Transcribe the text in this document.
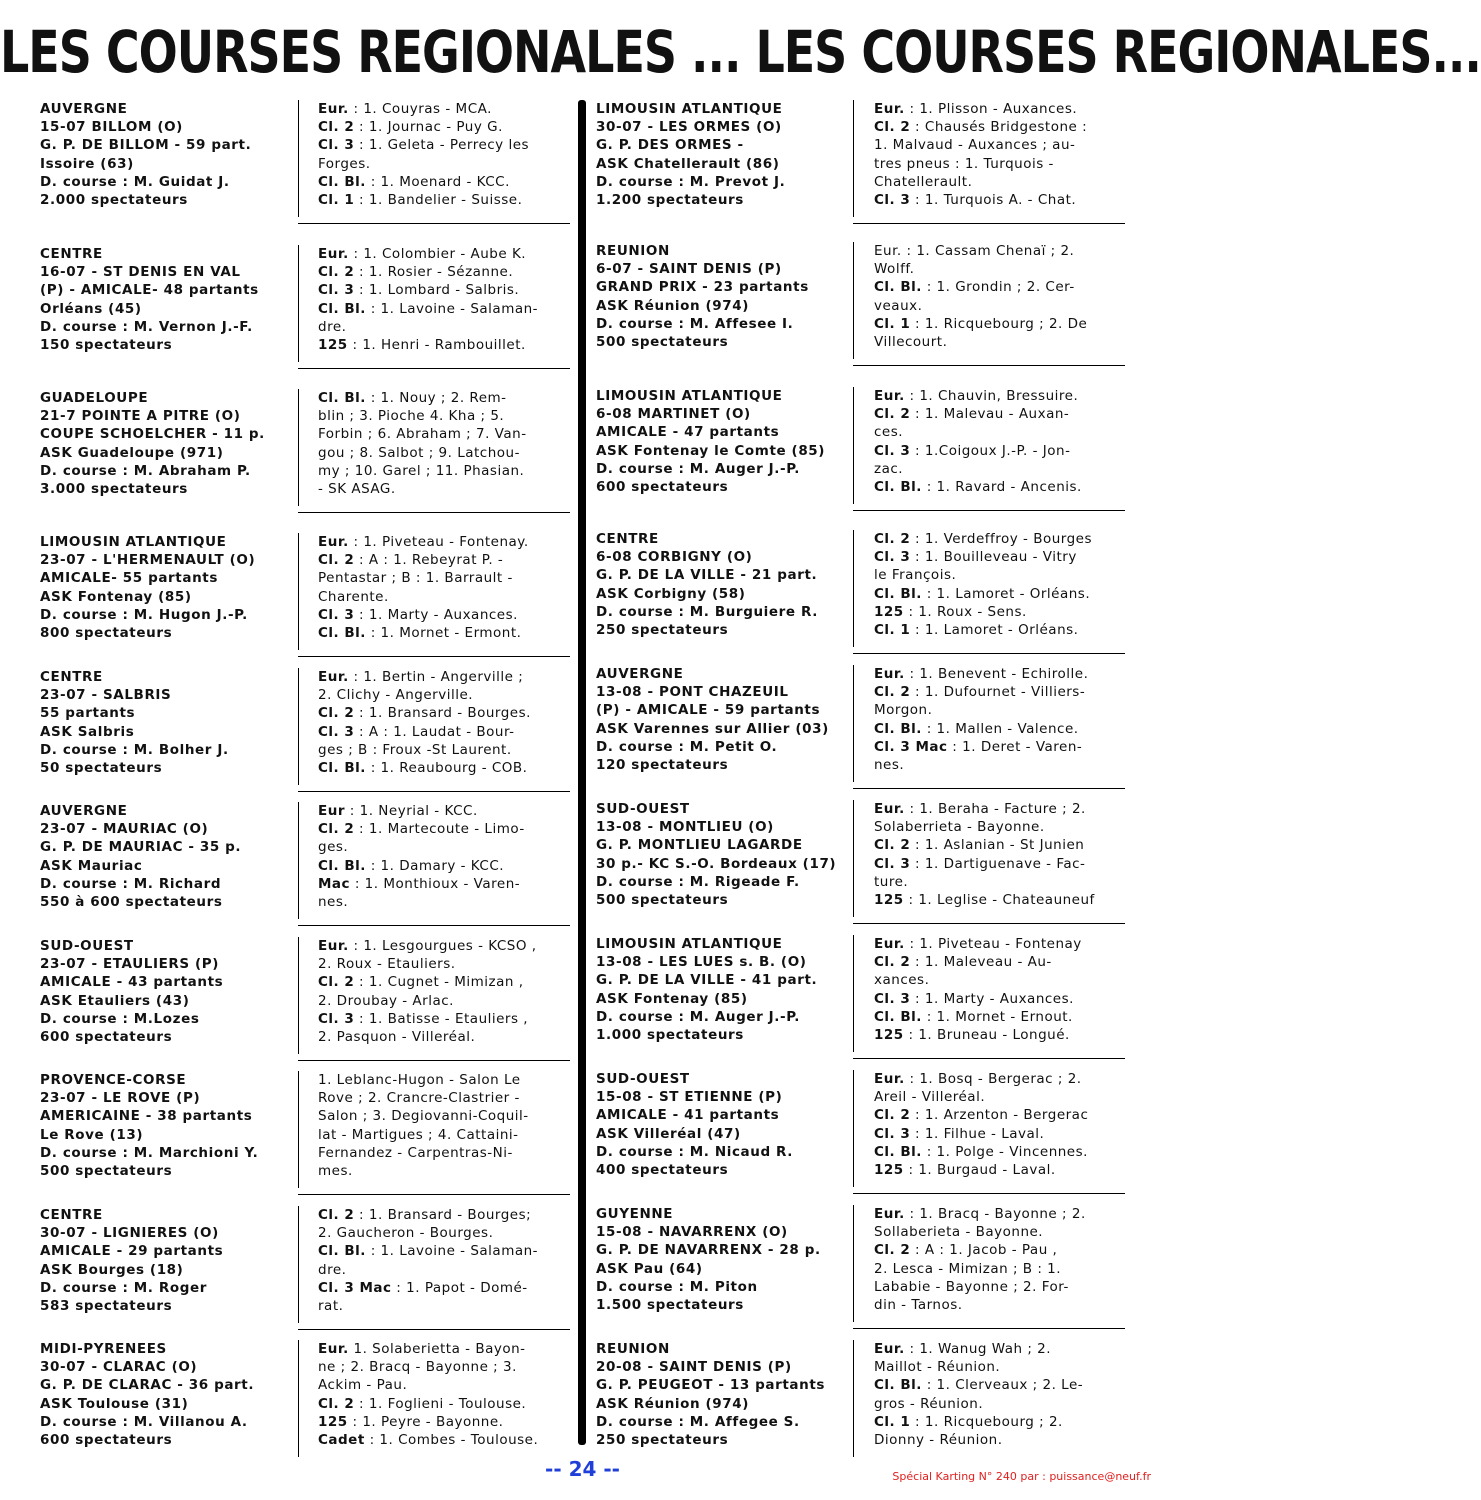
LES COURSES REGIONALES ... LES COURSES REGIONALES...
AUVERGNE
15-07 BILLOM (O)
G. P. DE BILLOM - 59 part.
Issoire (63)
D. course : M. Guidat J.
2.000 spectateurs
Eur. : 1. Couyras - MCA.
Cl. 2 : 1. Journac - Puy G.
Cl. 3 : 1. Geleta - Perrecy les
Forges.
Cl. Bl. : 1. Moenard - KCC.
Cl. 1 : 1. Bandelier - Suisse.
CENTRE
16-07 - ST DENIS EN VAL
(P) - AMICALE- 48 partants
Orléans (45)
D. course : M. Vernon J.-F.
150 spectateurs
Eur. : 1. Colombier - Aube K.
Cl. 2 : 1. Rosier - Sézanne.
Cl. 3 : 1. Lombard - Salbris.
Cl. Bl. : 1. Lavoine - Salaman-
dre.
125 : 1. Henri - Rambouillet.
GUADELOUPE
21-7 POINTE A PITRE (O)
COUPE SCHOELCHER - 11 p.
ASK Guadeloupe (971)
D. course : M. Abraham P.
3.000 spectateurs
Cl. Bl. : 1. Nouy ; 2. Rem-
blin ; 3. Pioche 4. Kha ; 5.
Forbin ; 6. Abraham ; 7. Van-
gou ; 8. Salbot ; 9. Latchou-
my ; 10. Garel ; 11. Phasian.
- SK ASAG.
LIMOUSIN ATLANTIQUE
23-07 - L'HERMENAULT (O)
AMICALE- 55 partants
ASK Fontenay (85)
D. course : M. Hugon J.-P.
800 spectateurs
Eur. : 1. Piveteau - Fontenay.
Cl. 2 : A : 1. Rebeyrat P. -
Pentastar ; B : 1. Barrault -
Charente.
Cl. 3 : 1. Marty - Auxances.
Cl. Bl. : 1. Mornet - Ermont.
CENTRE
23-07 - SALBRIS
55 partants
ASK Salbris
D. course : M. Bolher J.
50 spectateurs
Eur. : 1. Bertin - Angerville ;
2. Clichy - Angerville.
Cl. 2 : 1. Bransard - Bourges.
Cl. 3 : A : 1. Laudat - Bour-
ges ; B : Froux -St Laurent.
Cl. Bl. : 1. Reaubourg - COB.
AUVERGNE
23-07 - MAURIAC (O)
G. P. DE MAURIAC - 35 p.
ASK Mauriac
D. course : M. Richard
550 à 600 spectateurs
Eur : 1. Neyrial - KCC.
Cl. 2 : 1. Martecoute - Limo-
ges.
Cl. Bl. : 1. Damary - KCC.
Mac : 1. Monthioux - Varen-
nes.
SUD-OUEST
23-07 - ETAULIERS (P)
AMICALE - 43 partants
ASK Etauliers (43)
D. course : M.Lozes
600 spectateurs
Eur. : 1. Lesgourgues - KCSO ,
2. Roux - Etauliers.
Cl. 2 : 1. Cugnet - Mimizan ,
2. Droubay - Arlac.
Cl. 3 : 1. Batisse - Etauliers ,
2. Pasquon - Villeréal.
PROVENCE-CORSE
23-07 - LE ROVE (P)
AMERICAINE - 38 partants
Le Rove (13)
D. course : M. Marchioni Y.
500 spectateurs
1. Leblanc-Hugon - Salon Le
Rove ; 2. Crancre-Clastrier -
Salon ; 3. Degiovanni-Coquil-
lat - Martigues ; 4. Cattaini-
Fernandez - Carpentras-Ni-
mes.
CENTRE
30-07 - LIGNIERES (O)
AMICALE - 29 partants
ASK Bourges (18)
D. course : M. Roger
583 spectateurs
Cl. 2 : 1. Bransard - Bourges;
2. Gaucheron - Bourges.
Cl. Bl. : 1. Lavoine - Salaman-
dre.
Cl. 3 Mac : 1. Papot - Domé-
rat.
MIDI-PYRENEES
30-07 - CLARAC (O)
G. P. DE CLARAC - 36 part.
ASK Toulouse (31)
D. course : M. Villanou A.
600 spectateurs
Eur. 1. Solaberietta - Bayon-
ne ; 2. Bracq - Bayonne ; 3.
Ackim - Pau.
Cl. 2 : 1. Foglieni - Toulouse.
125 : 1. Peyre - Bayonne.
Cadet : 1. Combes - Toulouse.
LIMOUSIN ATLANTIQUE
30-07 - LES ORMES (O)
G. P. DES ORMES -
ASK Chatellerault (86)
D. course : M. Prevot J.
1.200 spectateurs
Eur. : 1. Plisson - Auxances.
Cl. 2 : Chausés Bridgestone :
1. Malvaud - Auxances ; au-
tres pneus : 1. Turquois -
Chatellerault.
Cl. 3 : 1. Turquois A. - Chat.
REUNION
6-07 - SAINT DENIS (P)
GRAND PRIX - 23 partants
ASK Réunion (974)
D. course : M. Affesee I.
500 spectateurs
Eur. : 1. Cassam Chenaï ; 2.
Wolff.
Cl. Bl. : 1. Grondin ; 2. Cer-
veaux.
Cl. 1 : 1. Ricquebourg ; 2. De
Villecourt.
LIMOUSIN ATLANTIQUE
6-08 MARTINET (O)
AMICALE - 47 partants
ASK Fontenay le Comte (85)
D. course : M. Auger J.-P.
600 spectateurs
Eur. : 1. Chauvin, Bressuire.
Cl. 2 : 1. Malevau - Auxan-
ces.
Cl. 3 : 1.Coigoux J.-P. - Jon-
zac.
Cl. Bl. : 1. Ravard - Ancenis.
CENTRE
6-08 CORBIGNY (O)
G. P. DE LA VILLE - 21 part.
ASK Corbigny (58)
D. course : M. Burguiere R.
250 spectateurs
Cl. 2 : 1. Verdeffroy - Bourges
Cl. 3 : 1. Bouilleveau - Vitry
le François.
Cl. Bl. : 1. Lamoret - Orléans.
125 : 1. Roux - Sens.
Cl. 1 : 1. Lamoret - Orléans.
AUVERGNE
13-08 - PONT CHAZEUIL
(P) - AMICALE - 59 partants
ASK Varennes sur Allier (03)
D. course : M. Petit O.
120 spectateurs
Eur. : 1. Benevent - Echirolle.
Cl. 2 : 1. Dufournet - Villiers-
Morgon.
Cl. Bl. : 1. Mallen - Valence.
Cl. 3 Mac : 1. Deret - Varen-
nes.
SUD-OUEST
13-08 - MONTLIEU (O)
G. P. MONTLIEU LAGARDE
30 p.- KC S.-O. Bordeaux (17)
D. course : M. Rigeade F.
500 spectateurs
Eur. : 1. Beraha - Facture ; 2.
Solaberrieta - Bayonne.
Cl. 2 : 1. Aslanian - St Junien
Cl. 3 : 1. Dartiguenave - Fac-
ture.
125 : 1. Leglise - Chateauneuf
LIMOUSIN ATLANTIQUE
13-08 - LES LUES s. B. (O)
G. P. DE LA VILLE - 41 part.
ASK Fontenay (85)
D. course : M. Auger J.-P.
1.000 spectateurs
Eur. : 1. Piveteau - Fontenay
Cl. 2 : 1. Maleveau - Au-
xances.
Cl. 3 : 1. Marty - Auxances.
Cl. Bl. : 1. Mornet - Ernout.
125 : 1. Bruneau - Longué.
SUD-OUEST
15-08 - ST ETIENNE (P)
AMICALE - 41 partants
ASK Villeréal (47)
D. course : M. Nicaud R.
400 spectateurs
Eur. : 1. Bosq - Bergerac ; 2.
Areil - Villeréal.
Cl. 2 : 1. Arzenton - Bergerac
Cl. 3 : 1. Filhue - Laval.
Cl. Bl. : 1. Polge - Vincennes.
125 : 1. Burgaud - Laval.
GUYENNE
15-08 - NAVARRENX (O)
G. P. DE NAVARRENX - 28 p.
ASK Pau (64)
D. course : M. Piton
1.500 spectateurs
Eur. : 1. Bracq - Bayonne ; 2.
Sollaberieta - Bayonne.
Cl. 2 : A : 1. Jacob - Pau ,
2. Lesca - Mimizan ; B : 1.
Lababie - Bayonne ; 2. For-
din - Tarnos.
REUNION
20-08 - SAINT DENIS (P)
G. P. PEUGEOT - 13 partants
ASK Réunion (974)
D. course : M. Affegee S.
250 spectateurs
Eur. : 1. Wanug Wah ; 2.
Maillot - Réunion.
Cl. Bl. : 1. Clerveaux ; 2. Le-
gros - Réunion.
Cl. 1 : 1. Ricquebourg ; 2.
Dionny - Réunion.
-- 24 --	Spécial Karting N° 240 par : puissance@neuf.fr
